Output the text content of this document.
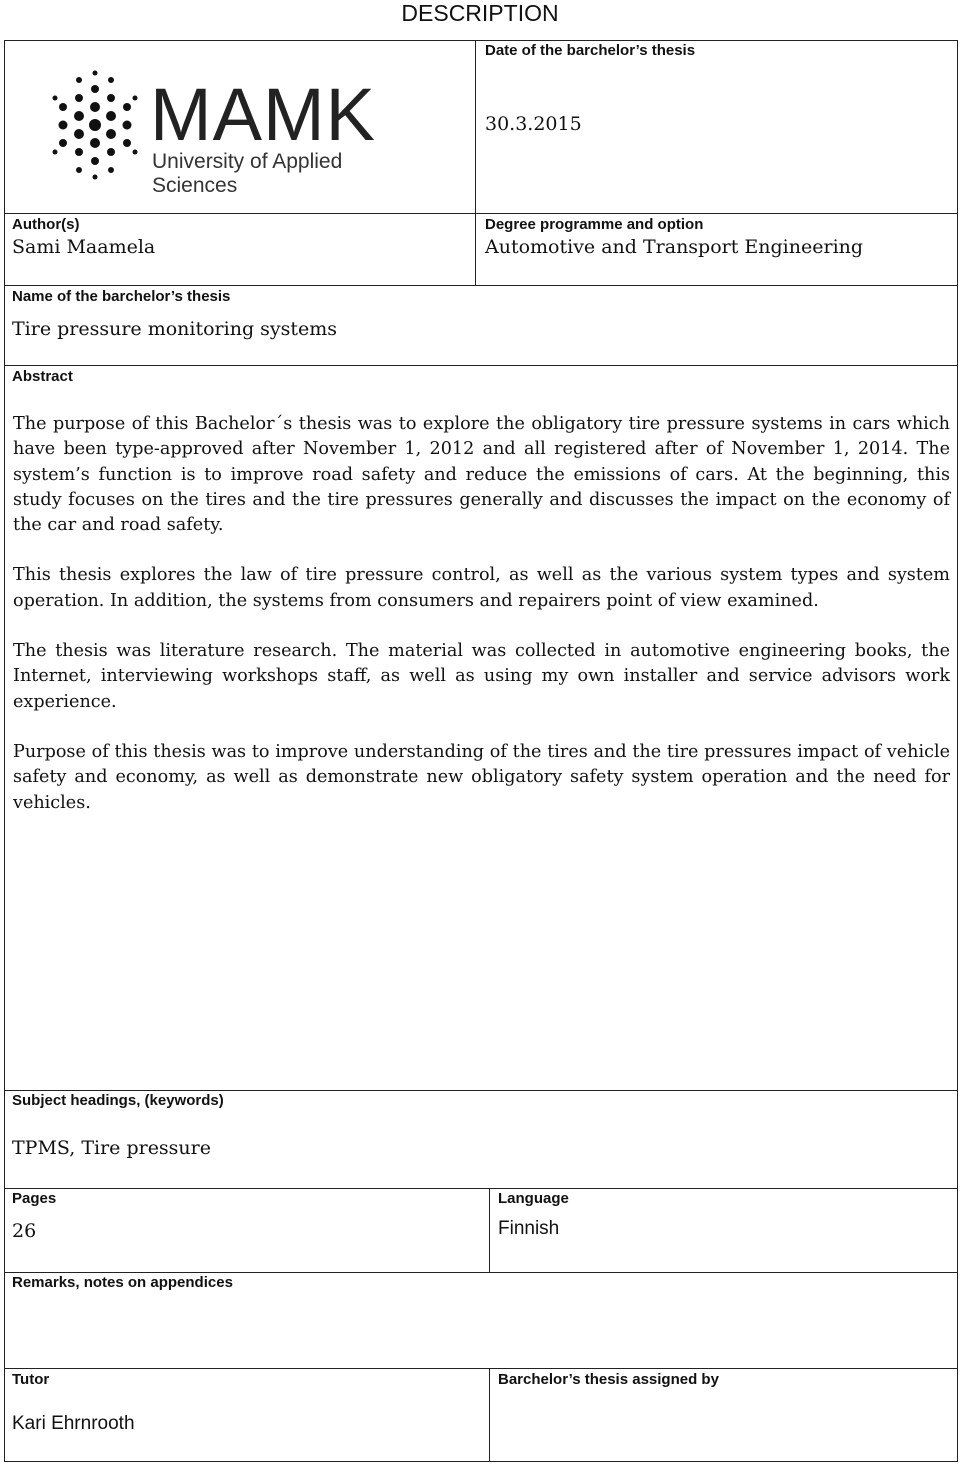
DESCRIPTION
MAMK
University of Applied Sciences
Date of the barchelor’s thesis
30.3.2015
Author(s)
Sami Maamela
Degree programme and option
Automotive and Transport Engineering
Name of the barchelor’s thesis
Tire pressure monitoring systems
Abstract

The purpose of this Bachelor´s thesis was to explore the obligatory tire pressure systems in cars which have been type-approved after November 1, 2012 and all registered after of November 1, 2014. The system’s function is to improve road safety and reduce the emissions of cars. At the beginning, this study focuses on the tires and the tire pressures generally and discusses the impact on the economy of the car and road safety.

This thesis explores the law of tire pressure control, as well as the various system types and system operation. In addition, the systems from consumers and repairers point of view examined.

The thesis was literature research. The material was collected in automotive engineering books, the Internet, interviewing workshops staff, as well as using my own installer and service advisors work experience.

Purpose of this thesis was to improve understanding of the tires and the tire pressures impact of vehicle safety and economy, as well as demonstrate new obligatory safety system operation and the need for vehicles.

Subject headings, (keywords)
TPMS, Tire pressure
Pages
26
Language
Finnish
Remarks, notes on appendices
Tutor
Kari Ehrnrooth
Barchelor’s thesis assigned by
